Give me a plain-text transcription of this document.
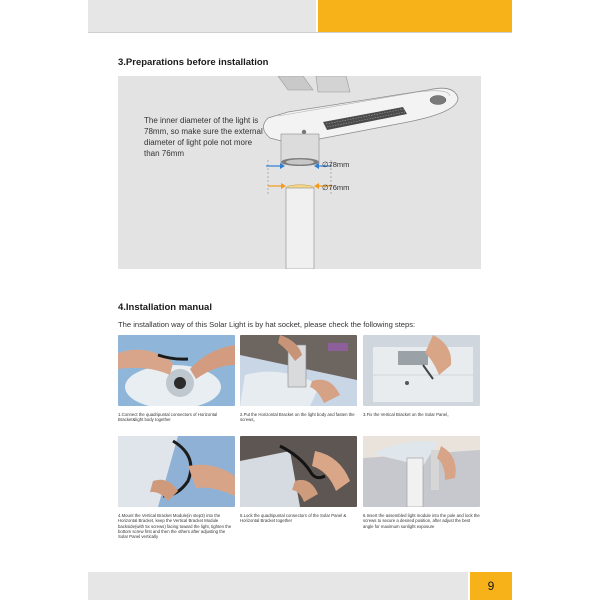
3.Preparations before installation
The inner diameter of the light is 78mm, so make sure the external diameter of light pole not more than 76mm
∅78mm
∅76mm
4.Installation manual
The installation way of this Solar Light is by hat socket, please check the following steps:
1.Connect the quadripuntal connectors of Horizontal Bracket&light body together
2.Put the Horizontal Bracket on the light body and fasten the screws。
3.Fix the Vertical Bracket on the Solar Panel。
4.Mount the Vertical Bracket Module(in step3) into the Horizontal Bracket, keep the Vertical Bracket Module backside(with 5x screws) facing toward the light, tighten the bottom screw first and then the others after adjusting the Solar Panel vertically
5.Lock the quadripuntal connectors of the Solar Panel & Horizontal Bracket together
6.Insert the assembled light module into the pole and lock the screws to secure a desired position, after adjust the best angle for maximum sunlight exposure
9
